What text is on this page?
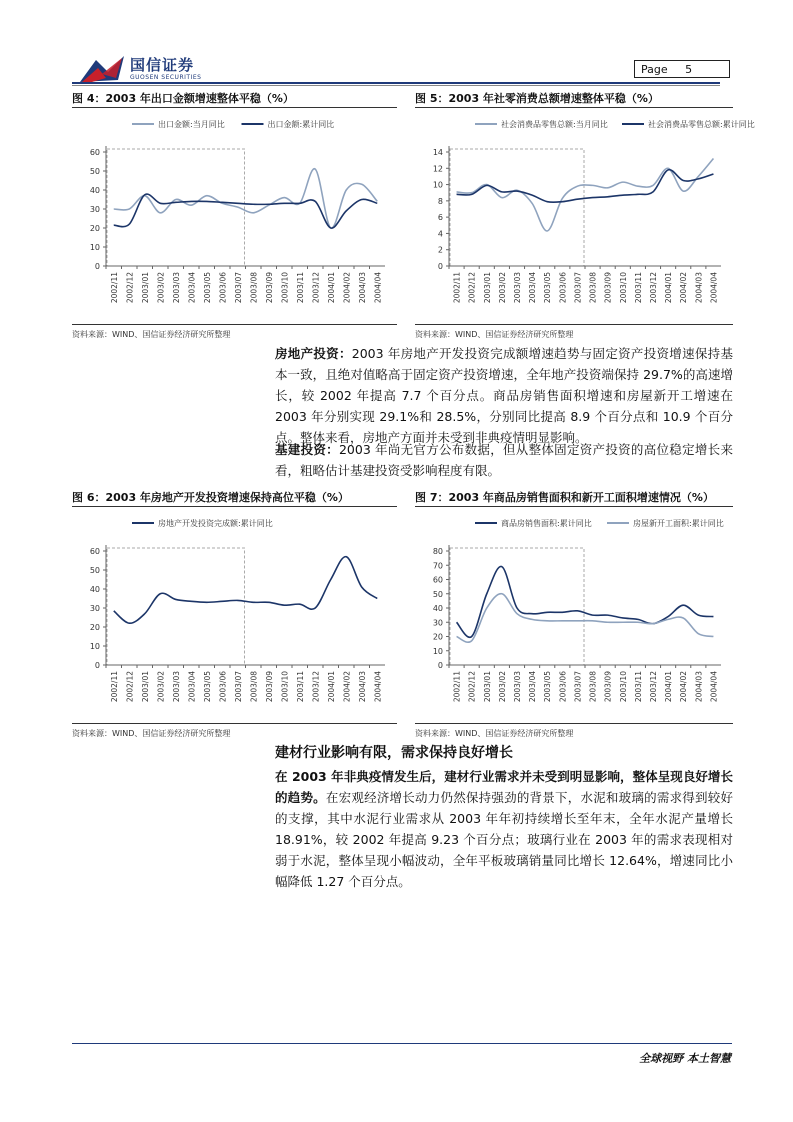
国信证券
GUOSEN SECURITIES
Page 5
图 4：2003 年出口金额增速整体平稳（%）
出口金额:当月同比	出口金额:累计同比
0
10
20
30
40
50
60
2002/11 2002/12 2003/01 2003/02 2003/03 2003/04 2003/05 2003/06 2003/07 2003/08 2003/09 2003/10 2003/11 2003/12 2004/01 2004/02 2004/03 2004/04
资料来源：WIND、国信证券经济研究所整理
图 5：2003 年社零消费总额增速整体平稳（%）
社会消费品零售总额:当月同比	社会消费品零售总额:累计同比
0
2
4
6
8
10
12
14
2002/11 2002/12 2003/01 2003/02 2003/03 2003/04 2003/05 2003/06 2003/07 2003/08 2003/09 2003/10 2003/11 2003/12 2004/01 2004/02 2004/03 2004/04
资料来源：WIND、国信证券经济研究所整理
房地产投资：2003 年房地产开发投资完成额增速趋势与固定资产投资增速保持基本一致，且绝对值略高于固定资产投资增速，全年地产投资端保持 29.7%的高速增长，较 2002 年提高 7.7 个百分点。商品房销售面积增速和房屋新开工增速在 2003 年分别实现 29.1%和 28.5%，分别同比提高 8.9 个百分点和 10.9 个百分点。整体来看，房地产方面并未受到非典疫情明显影响。
基建投资：2003 年尚无官方公布数据，但从整体固定资产投资的高位稳定增长来看，粗略估计基建投资受影响程度有限。
图 6：2003 年房地产开发投资增速保持高位平稳（%）
房地产开发投资完成额:累计同比
0
10
20
30
40
50
60
2002/11 2002/12 2003/01 2003/02 2003/03 2003/04 2003/05 2003/06 2003/07 2003/08 2003/09 2003/10 2003/11 2003/12 2004/01 2004/02 2004/03 2004/04
资料来源：WIND、国信证券经济研究所整理
图 7：2003 年商品房销售面积和新开工面积增速情况（%）
商品房销售面积:累计同比	房屋新开工面积:累计同比
0
10
20
30
40
50
60
70
80
2002/11 2002/12 2003/01 2003/02 2003/03 2003/04 2003/05 2003/06 2003/07 2003/08 2003/09 2003/10 2003/11 2003/12 2004/01 2004/02 2004/03 2004/04
资料来源：WIND、国信证券经济研究所整理
建材行业影响有限，需求保持良好增长
在 2003 年非典疫情发生后，建材行业需求并未受到明显影响，整体呈现良好增长的趋势。在宏观经济增长动力仍然保持强劲的背景下，水泥和玻璃的需求得到较好的支撑，其中水泥行业需求从 2003 年年初持续增长至年末，全年水泥产量增长 18.91%，较 2002 年提高 9.23 个百分点；玻璃行业在 2003 年的需求表现相对弱于水泥，整体呈现小幅波动，全年平板玻璃销量同比增长 12.64%，增速同比小幅降低 1.27 个百分点。
全球视野 本土智慧
